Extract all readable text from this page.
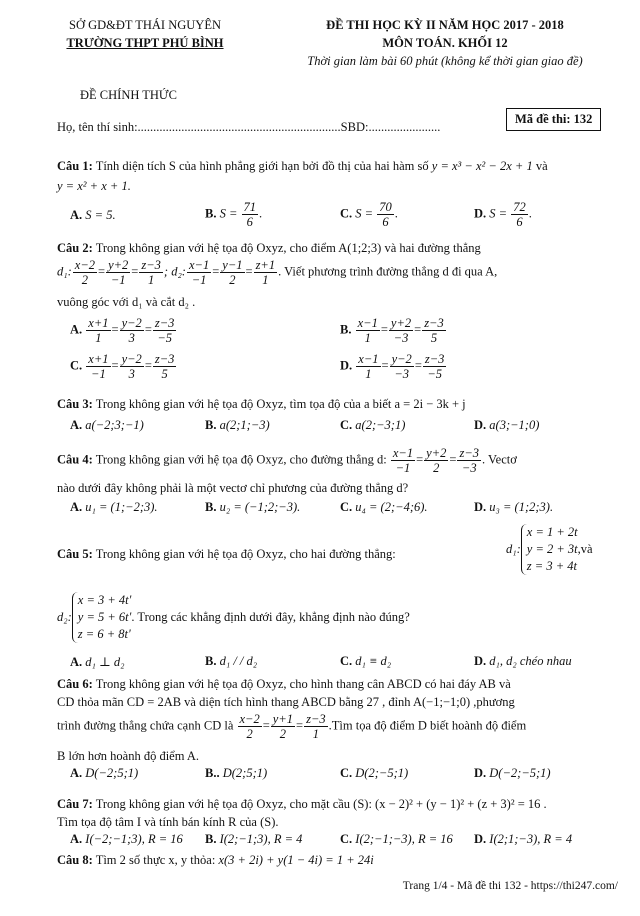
SỞ GD&ĐT THÁI NGUYÊN
TRƯỜNG THPT PHÚ BÌNH
ĐỀ THI HỌC KỲ II NĂM HỌC 2017 - 2018
MÔN TOÁN. KHỐI 12
Thời gian làm bài 60 phút (không kể thời gian giao đề)
ĐỀ CHÍNH THỨC
Họ, tên thí sinh:.................................................................SBD:.......................
Mã đề thi: 132
Câu 1: Tính diện tích S của hình phẳng giới hạn bởi đồ thị của hai hàm số y = x³ − x² − 2x + 1 và
y = x² + x + 1.
A. S = 5.	B. $S = \frac{71}{6}$ .	C. $S = \frac{70}{6}$ .	D. $S = \frac{72}{6}$ .
Câu 2: Trong không gian với hệ tọa độ Oxyz, cho điểm A(1;2;3) và hai đường thẳng
d₁: $\frac{x-2}{2} = \frac{y+2}{-1} = \frac{z-3}{1}$ ; d₂: $\frac{x-1}{-1} = \frac{y-1}{2} = \frac{z+1}{1}$ . Viết phương trình đường thẳng d đi qua A,
vuông góc với d₁ và cắt d₂ .
A. $\frac{x+1}{1} = \frac{y-2}{3} = \frac{z-3}{-5}$	B. $\frac{x-1}{1} = \frac{y+2}{-3} = \frac{z-3}{5}$
C. $\frac{x+1}{-1} = \frac{y-2}{3} = \frac{z-3}{5}$	D. $\frac{x-1}{1} = \frac{y-2}{-3} = \frac{z-3}{-5}$
Câu 3: Trong không gian với hệ tọa độ Oxyz, tìm tọa độ của a biết a = 2i − 3k + j
A. a(−2;3;−1)	B. a(2;1;−3)	C. a(2;−3;1)	D. a(3;−1;0)
Câu 4: Trong không gian với hệ tọa độ Oxyz, cho đường thẳng d: $\frac{x-1}{-1} = \frac{y+2}{2} = \frac{z-3}{-3}$ . Vectơ
nào dưới đây không phải là một vectơ chỉ phương của đường thẳng d?
A. u₁ = (1;−2;3).	B. u₂ = (−1;2;−3).	C. u₄ = (2;−4;6).	D. u₃ = (1;2;3).
Câu 5: Trong không gian với hệ tọa độ Oxyz, cho hai đường thẳng:	d₁:
x = 1 + 2t
y = 2 + 3t
z = 3 + 4t
,và
d₂:
x = 3 + 4t'
y = 5 + 6t'
z = 6 + 8t'
. Trong các khẳng định dưới đây, khẳng định nào đúng?
A. d₁ ⊥ d₂	B. d₁ / / d₂	C. d₁ ≡ d₂	D. d₁, d₂ chéo nhau
Câu 6: Trong không gian với hệ tọa độ Oxyz, cho hình thang cân ABCD có hai đáy AB và
CD thỏa mãn CD = 2AB và diện tích hình thang ABCD bằng 27 , đỉnh A(−1;−1;0) ,phương
trình đường thẳng chứa cạnh CD là $\frac{x-2}{2} = \frac{y+1}{2} = \frac{z-3}{1}$ .Tìm tọa độ điểm D biết hoành độ điểm
B lớn hơn hoành độ điểm A.
A. D(−2;5;1)	B.. D(2;5;1)	C. D(2;−5;1)	D. D(−2;−5;1)
Câu 7: Trong không gian với hệ tọa độ Oxyz, cho mặt cầu (S): (x − 2)² + (y − 1)² + (z + 3)² = 16 .
Tìm tọa độ tâm I và tính bán kính R của (S).
A. I(−2;−1;3), R = 16 B. I(2;−1;3), R = 4	C. I(2;−1;−3), R = 16 D. I(2;1;−3), R = 4
Câu 8: Tìm 2 số thực x, y thỏa: x(3 + 2i) + y(1 − 4i) = 1 + 24i
Trang 1/4 - Mã đề thi 132 - https://thi247.com/
